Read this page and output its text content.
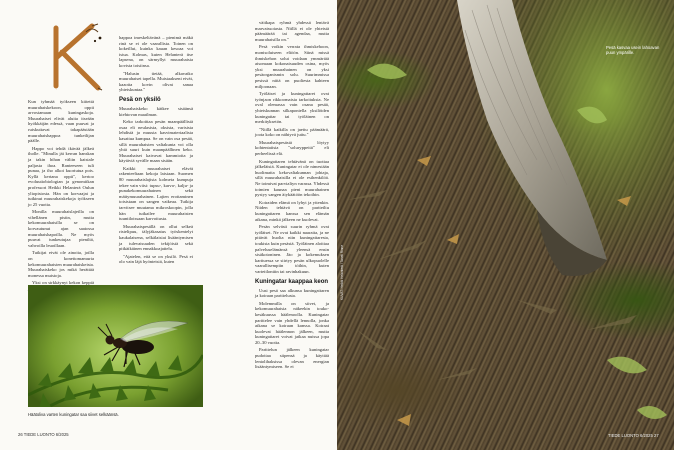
K

Kun tyhmää työkseen kiitettä muurahaiskekoon, oppii arvostamaan kuningaskoja. Muurahaiset elivät aluita itseään hyökkäijän edessä, vaan puuvat ja ruiskuttavat takapäästään muurahaishappoa tunkeilijan päälle.

Happo voi tehdä ikävää jälkeä iholle. "Minulla jäi kerran hanskan ja takin hihan väliin kaistale paljasta ihoa. Ranteeseen tuli punaa, ja iho alkoi kuoriutua pois. Kyllä kertana oppii", kertoo evoluutiobiologian ja genomiikan professori Heikki Helanterä Oulun yliopistosta. Hän on korvaajat ja tutkinut muurahaiskekoja työkseen jo 25 vuotta.

Monilla muurahaislajeilla on vihellänen pistin, mutta kekomuurahaisilla se on korvautunut ajan saatossa muurahaishapoilla. Ne myös puuvat tunkeutujaa pieniltä, vahvoilla leuoillaan.

Tutkijat eivät ole ainoita, joilla on konettomamurta kekomuurahaisten muurahaiskeista. Muurahaiskeko jos mikä herättää monessa muistoja.

Yksi on sirkkäynyt kekon keppiä

happoa imeskeltävänä – pienimä mäkä rinä se ei ole vaarallista. Toinen on kokeillut, kuinka kauan kesoaa voi istua. Kolmas, kuten Helanterä itse lapsena, on särmyllyt muurahaisia kovista toisiinsa.

"Halusin tietää, alkavatko muurahaiset tapella. Muistaakseni eivät, kaaotta kovin olivat sanaa yhteiskuntaa."

Pesä on yksilö

Muurahaiskeko kätkee sisäänsä kiehtovan maailman.

Keko tarkoittaa pesän maanpäällistä osaa eli neulasista, oksista, varisista lehdistä ja muusta kasvimateriaalista kasattua kumpua. Se on vain osa pesää, sillä muurahaisten valtakunta voi olla yhtä suuri kuin maanpäällinen keko. Muurahaiset kaivavat kammioita ja käytäviä syvälle maan sisään.

Kaikki muurahaiset elävät rakenteeltaan kekoja laisiaan. Suomen 80 muurahaislajista kolmeta kumpuja tekee vain viisi: tupsu-, karva-, kalju- ja punakekomuurahainen sekä mättymuurahainen. Lajien erottaminen toisistaan on sangen vaikeaa. Tutkija tarvitsee muutama mikroskoopin, jolla hän tutkailee muurahaisten tuuntiloissaan karvoitusta.

Muurahaispesällä on ollut selkeä ristelipuu, tälyjäkasatus työskentelyt kaukalaisena, selkälaisiai lisääntymisen ja tulevaisuuden tekijöistä sekä pitkäikäinen ennakkoajattelu.

"Ajatelen, että se on yksilö. Pesä ei olo vain läjä hyönteisiä, kuten

Häätoliva varten kuningatar saa siivet selkäänsä.
26 TIEDE LUONTO 6/2025

väitkapa ryhmä yhdessä lentävä marvaissoiasta. Niillä ei ole yhteistä päämäärää tai agendaa, mutta muurahaisilla on."

Pesä voikin verrata ihmiskehoon, monisoluiseen eliöön. Siinä missä ihmiskehon solut voidaan ymmärtää aisomaan kokonaisuuden osina, myös yksi muurahainen on yksi pesäorganismin solu. Suurimmissa pesissä niitä on puoliesta kahteen miljoonaan.

Työläiset ja kuningattaret ovat työnjaon rikkoomaisia tarkoituksia. Ne oval olemassa vain osana pesää, yhteiskunnan silkaponiella yksilöiden kuningattar tai työläinen on merkityksetön.

"Niillä kaikilla on jaettu päämäärä, joota koko on nähtyvä juttu."

Muurahaispesästä löytyy kohtentaiisia "soluryppeitä" eli perheelissä elä.

Kuningattaren tehtävänä on tuottaa jälkeläisiä. Kuningatar ei ole nimestään huolimatta kekovaltakunnan johtaja, sillä muurahaisilla ei ole esihenkilöä. Ne toimivat parvialiyn varassa. Yhdessä toimien kaunaa pieni muurahainen pystyy sangen äiykäätöön tekoihin.

Koiraiden elämä on lyhyt ja yttenkin. Niiden tehtävä on pariteiltu kuningattaren kanssa sen elämän aikana, minkä jälkeen ne kuolevat.

Pesän selvästi suurin ryhmä ovat työläiset. Ne ovat kaikki naaraita, ja ne pitävät huolta niin kuningattaresta, toukista kuin pesästä. Työläinen aloittaa palveluselämänsä yleensä ensin sisäkotoninen. Jäo ja kokemuksen karttuessa se siirtyy pesän ulkopuolelle vaarallisempiin töihin, kuten varteitlontiin tai ravinhakuun.

Kuningatar kaappaa keon

Uusi pesä saa alkunsa kuningattaren ja koiraan parittelusta.

Molemmilla on siivet, ja kekomuurahaisia näkeekin touko-kesäkuussa häälenoolla. Kuningatar parittelee vain yhdellä lennolla, jonka aikana se koiraan kanssa. Koiraat kuolevat häälennon jälkeen, mutta kuningattaret voivat jatkaa nuissa jopa 20–30 vuotta.

Parittelun jälkeen kuningatar pudottaa siipensä ja käyttää lentolihaksissa olevan energian lisääntymiseen. Se ei

Pesä kasvaa usein lahoavan puun ympärille.
KUVAT: Heikki Helanterä / Taneli Rinne
TIEDE LUONTO 6/2025 27
